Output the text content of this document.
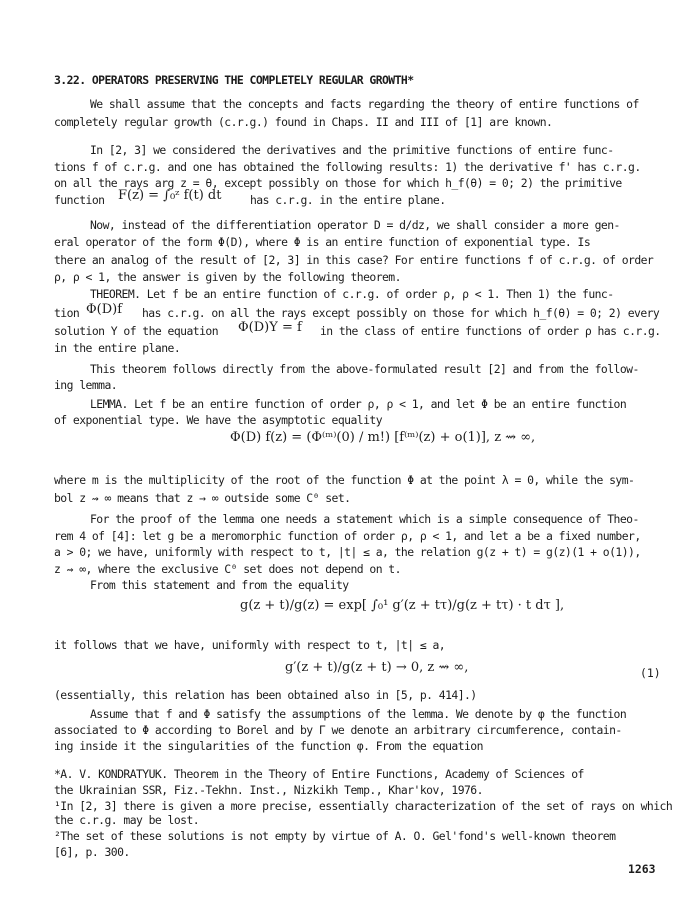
3.22. OPERATORS PRESERVING THE COMPLETELY REGULAR GROWTH*
We shall assume that the concepts and facts regarding the theory of entire functions of
completely regular growth (c.r.g.) found in Chaps. II and III of [1] are known.
In [2, 3] we considered the derivatives and the primitive functions of entire func-
tions f of c.r.g. and one has obtained the following results: 1) the derivative f' has c.r.g.
on all the rays arg z = θ, except possibly on those for which h_f(θ) = 0; 2) the primitive
function F(z) = ∫₀ᶻ f(t) dt	has c.r.g. in the entire plane.
Now, instead of the differentiation operator D = d/dz, we shall consider a more gen-
eral operator of the form Φ(D), where Φ is an entire function of exponential type. Is
there an analog of the result of [2, 3] in this case? For entire functions f of c.r.g. of order
ρ, ρ < 1, the answer is given by the following theorem.
THEOREM. Let f be an entire function of c.r.g. of order ρ, ρ < 1. Then 1) the func-
tion Φ(D)f has c.r.g. on all the rays except possibly on those for which h_f(θ) = 0; 2) every
solution Y of the equation Φ(D)Y = f in the class of entire functions of order ρ has c.r.g.
in the entire plane.
This theorem follows directly from the above-formulated result [2] and from the follow-
ing lemma.
LEMMA. Let f be an entire function of order ρ, ρ < 1, and let Φ be an entire function
of exponential type. We have the asymptotic equality
Φ(D) f(z) = (Φ⁽ᵐ⁾(0) / m!) [f⁽ᵐ⁾(z) + o(1)], z ⇝ ∞,
where m is the multiplicity of the root of the function Φ at the point λ = 0, while the sym-
bol z ⇝ ∞ means that z → ∞ outside some C⁰ set.
For the proof of the lemma one needs a statement which is a simple consequence of Theo-
rem 4 of [4]: let g be a meromorphic function of order ρ, ρ < 1, and let a be a fixed number,
a > 0; we have, uniformly with respect to t, |t| ≤ a, the relation g(z + t) = g(z)(1 + o(1)),
z ⇝ ∞, where the exclusive C⁰ set does not depend on t.
From this statement and from the equality
g(z + t)/g(z) = exp[ ∫₀¹ g′(z + tτ)/g(z + tτ) · t dτ ],
it follows that we have, uniformly with respect to t, |t| ≤ a,
g′(z + t)/g(z + t) → 0, z ⇝ ∞,	(1)
(essentially, this relation has been obtained also in [5, p. 414].)
Assume that f and Φ satisfy the assumptions of the lemma. We denote by φ the function
associated to Φ according to Borel and by Γ we denote an arbitrary circumference, contain-
ing inside it the singularities of the function φ. From the equation
*A. V. KONDRATYUK. Theorem in the Theory of Entire Functions, Academy of Sciences of
the Ukrainian SSR, Fiz.-Tekhn. Inst., Nizkikh Temp., Khar'kov, 1976.
¹In [2, 3] there is given a more precise, essentially characterization of the set of rays on which
the c.r.g. may be lost.
²The set of these solutions is not empty by virtue of A. O. Gel'fond's well-known theorem
[6], p. 300.
1263
